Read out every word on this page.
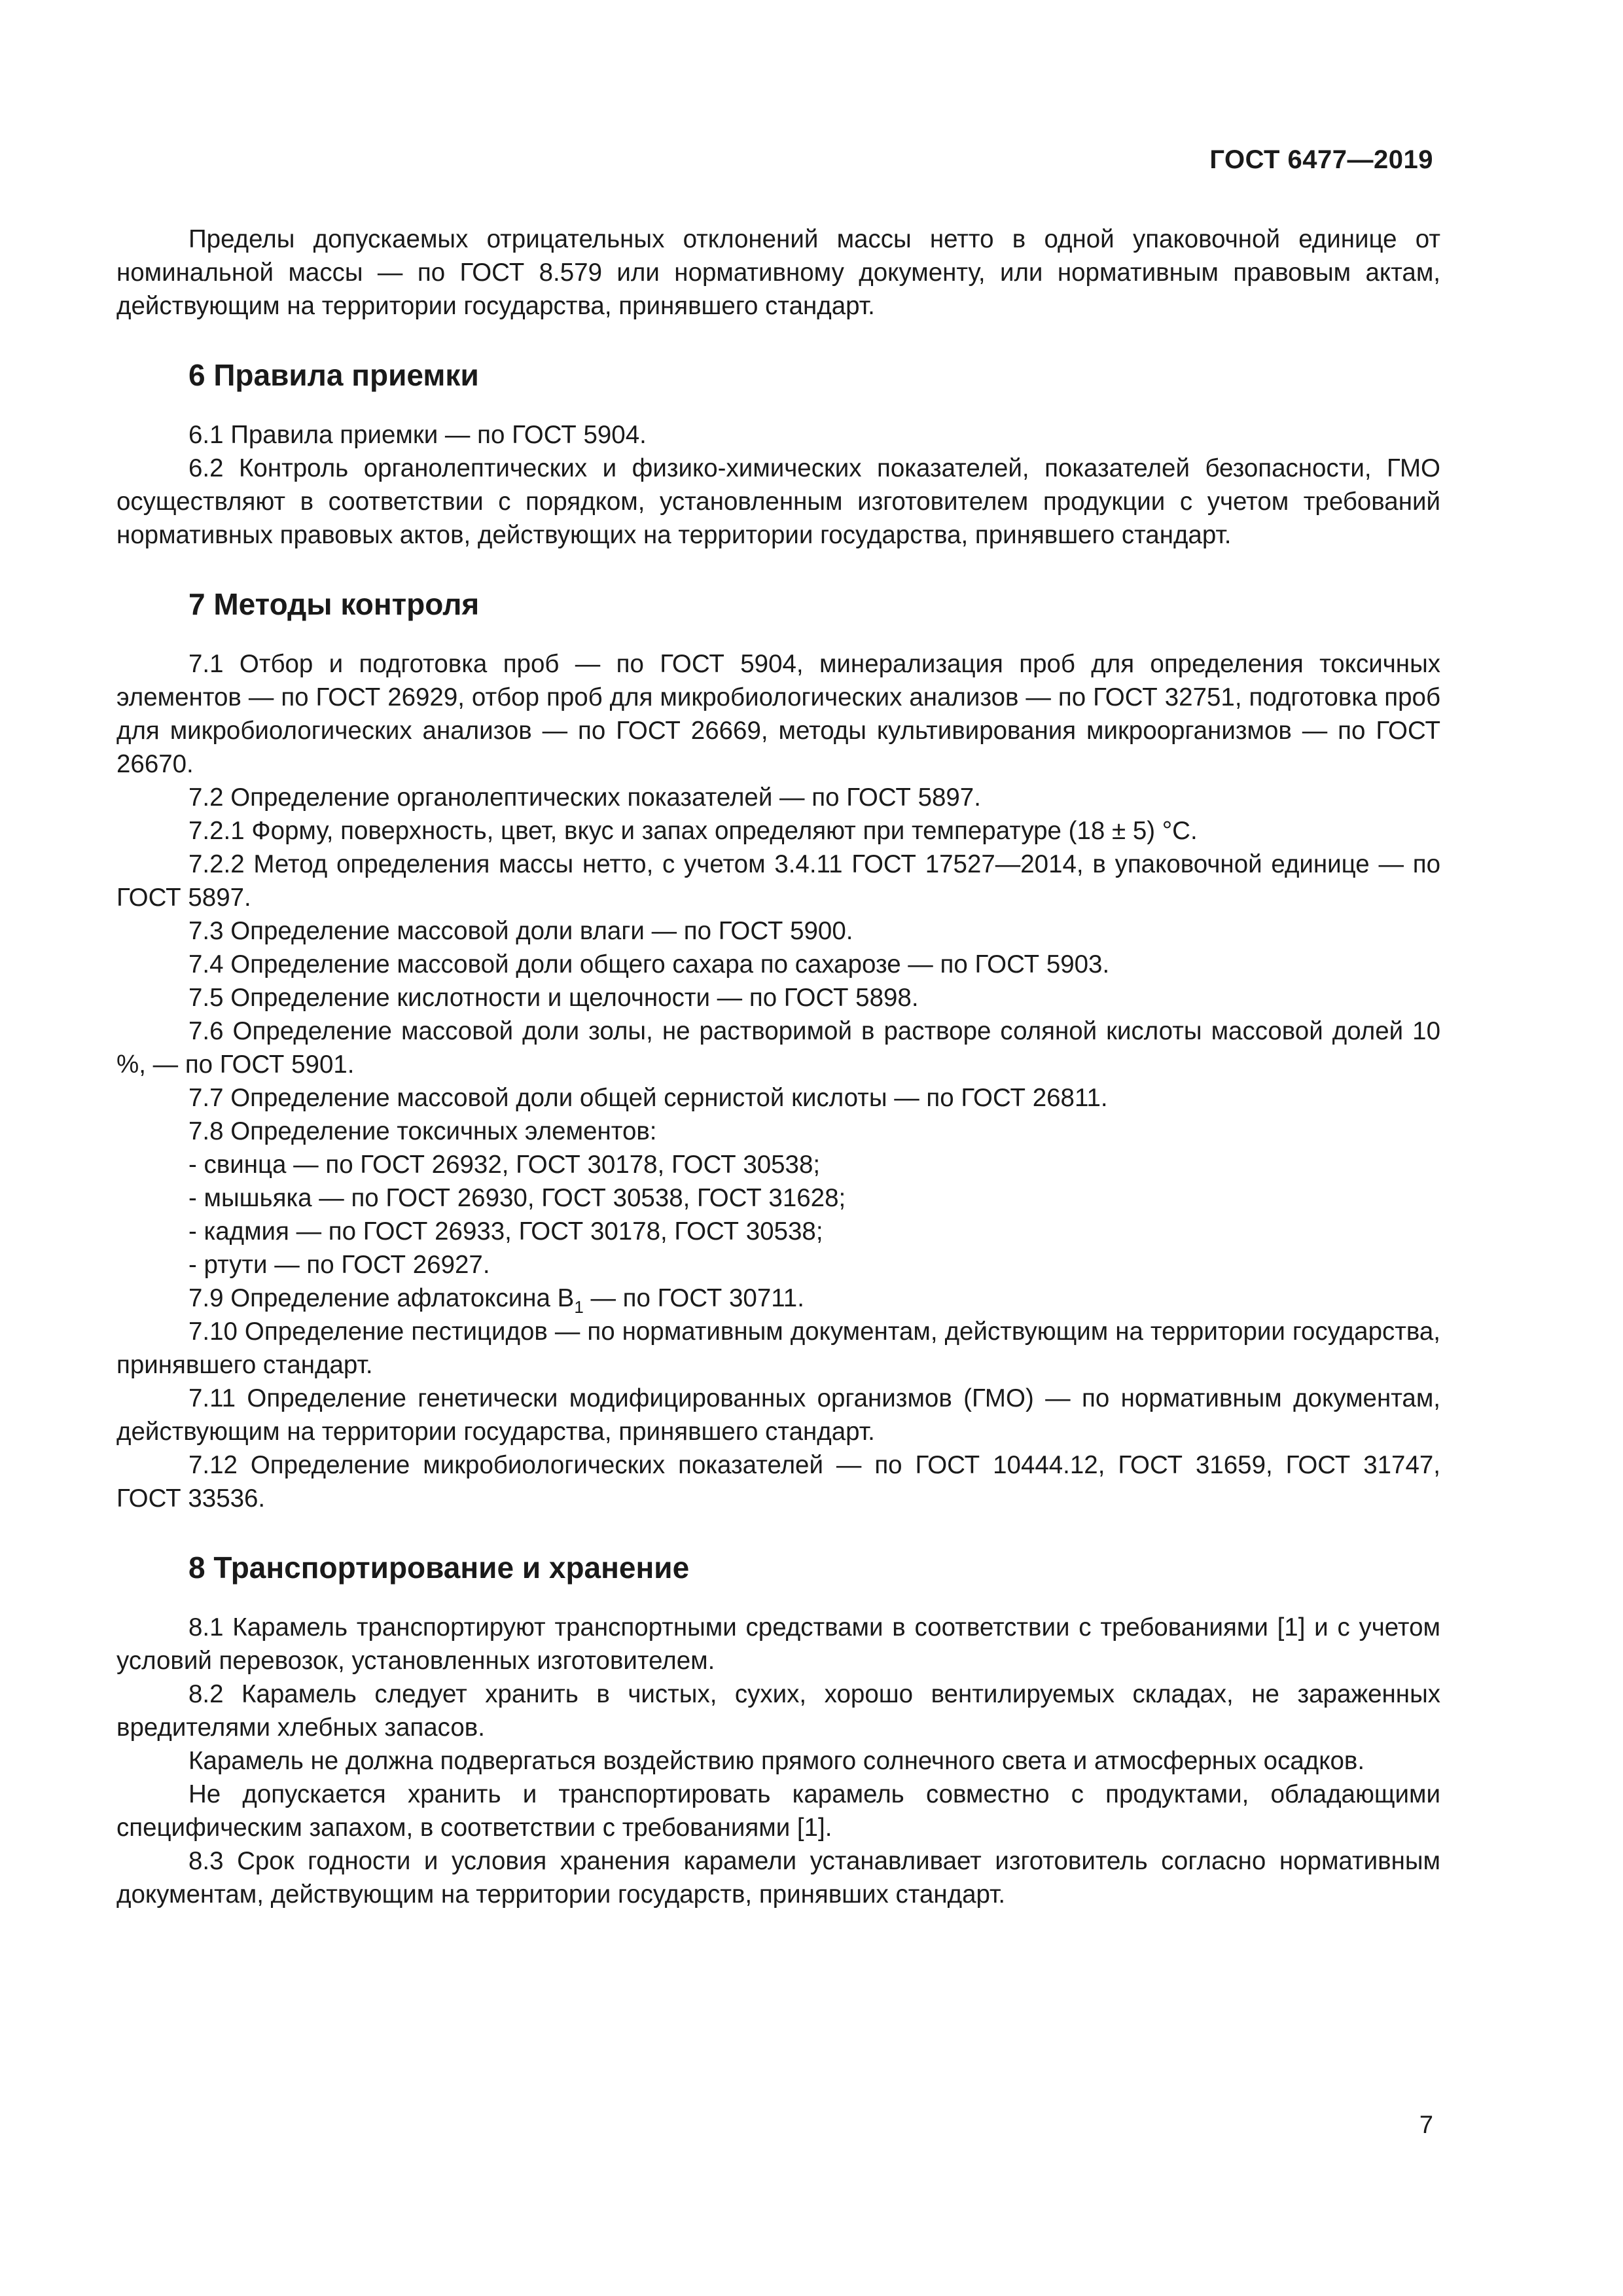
ГОСТ 6477—2019

Пределы допускаемых отрицательных отклонений массы нетто в одной упаковочной единице от номинальной массы — по ГОСТ 8.579 или нормативному документу, или нормативным правовым актам, действующим на территории государства, принявшего стандарт.

6 Правила приемки

6.1 Правила приемки — по ГОСТ 5904.

6.2 Контроль органолептических и физико-химических показателей, показателей безопасности, ГМО осуществляют в соответствии с порядком, установленным изготовителем продукции с учетом требований нормативных правовых актов, действующих на территории государства, принявшего стандарт.

7 Методы контроля

7.1 Отбор и подготовка проб — по ГОСТ 5904, минерализация проб для определения токсичных элементов — по ГОСТ 26929, отбор проб для микробиологических анализов — по ГОСТ 32751, подготовка проб для микробиологических анализов — по ГОСТ 26669, методы культивирования микроорганизмов — по ГОСТ 26670.

7.2 Определение органолептических показателей — по ГОСТ 5897.

7.2.1 Форму, поверхность, цвет, вкус и запах определяют при температуре (18 ± 5) °С.

7.2.2 Метод определения массы нетто, с учетом 3.4.11 ГОСТ 17527—2014, в упаковочной единице — по ГОСТ 5897.

7.3 Определение массовой доли влаги — по ГОСТ 5900.

7.4 Определение массовой доли общего сахара по сахарозе — по ГОСТ 5903.

7.5 Определение кислотности и щелочности — по ГОСТ 5898.

7.6 Определение массовой доли золы, не растворимой в растворе соляной кислоты массовой долей 10 %, — по ГОСТ 5901.

7.7 Определение массовой доли общей сернистой кислоты — по ГОСТ 26811.

7.8 Определение токсичных элементов:

- свинца — по ГОСТ 26932, ГОСТ 30178, ГОСТ 30538;

- мышьяка — по ГОСТ 26930, ГОСТ 30538, ГОСТ 31628;

- кадмия — по ГОСТ 26933, ГОСТ 30178, ГОСТ 30538;

- ртути — по ГОСТ 26927.

7.9 Определение афлатоксина $B_1$ — по ГОСТ 30711.

7.10 Определение пестицидов — по нормативным документам, действующим на территории государства, принявшего стандарт.

7.11 Определение генетически модифицированных организмов (ГМО) — по нормативным документам, действующим на территории государства, принявшего стандарт.

7.12 Определение микробиологических показателей — по ГОСТ 10444.12, ГОСТ 31659, ГОСТ 31747, ГОСТ 33536.

8 Транспортирование и хранение

8.1 Карамель транспортируют транспортными средствами в соответствии с требованиями [1] и с учетом условий перевозок, установленных изготовителем.

8.2 Карамель следует хранить в чистых, сухих, хорошо вентилируемых складах, не зараженных вредителями хлебных запасов.

Карамель не должна подвергаться воздействию прямого солнечного света и атмосферных осадков.

Не допускается хранить и транспортировать карамель совместно с продуктами, обладающими специфическим запахом, в соответствии с требованиями [1].

8.3 Срок годности и условия хранения карамели устанавливает изготовитель согласно нормативным документам, действующим на территории государств, принявших стандарт.

7
